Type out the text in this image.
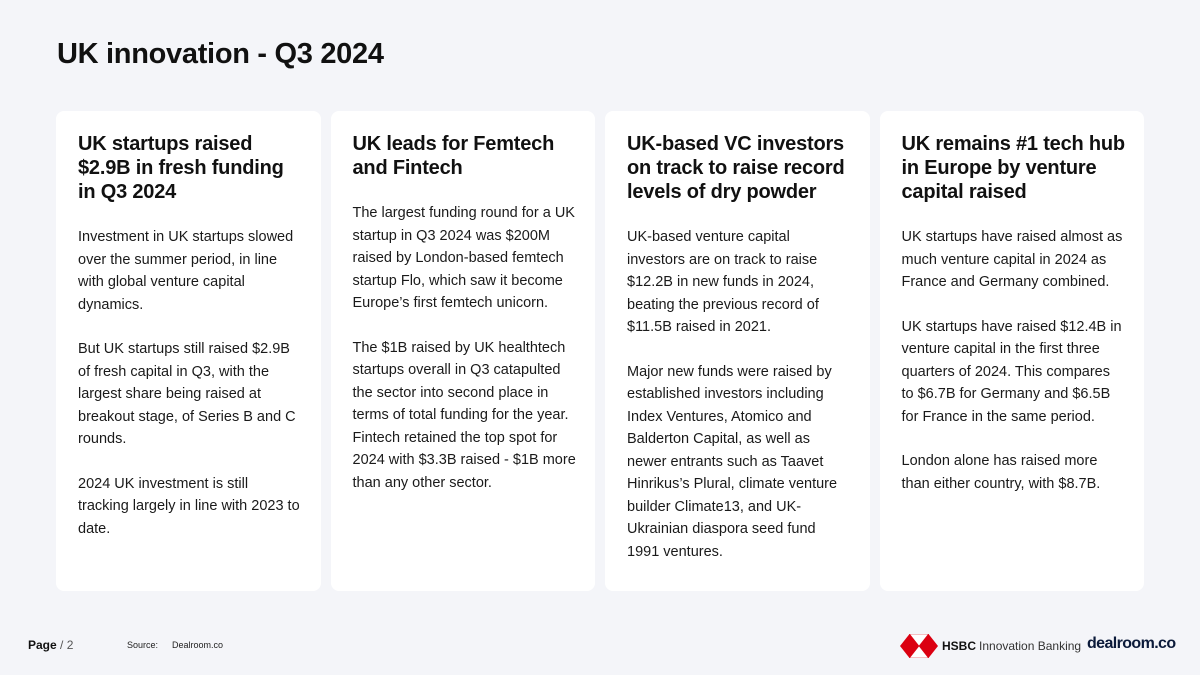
UK innovation - Q3 2024
UK startups raised $2.9B in fresh funding in Q3 2024

Investment in UK startups slowed over the summer period, in line with global venture capital dynamics.

But UK startups still raised $2.9B of fresh capital in Q3, with the largest share being raised at breakout stage, of Series B and C rounds.

2024 UK investment is still tracking largely in line with 2023 to date.

UK leads for Femtech and Fintech

The largest funding round for a UK startup in Q3 2024 was $200M raised by London-based femtech startup Flo, which saw it become Europe’s first femtech unicorn.

The $1B raised by UK healthtech startups overall in Q3 catapulted the sector into second place in terms of total funding for the year. Fintech retained the top spot for 2024 with $3.3B raised - $1B more than any other sector.

UK-based VC investors on track to raise record levels of dry powder

UK-based venture capital investors are on track to raise $12.2B in new funds in 2024, beating the previous record of $11.5B raised in 2021.

Major new funds were raised by established investors including Index Ventures, Atomico and Balderton Capital, as well as newer entrants such as Taavet Hinrikus’s Plural, climate venture builder Climate13, and UK-Ukrainian diaspora seed fund 1991 ventures.

UK remains #1 tech hub in Europe by venture capital raised

UK startups have raised almost as much venture capital in 2024 as France and Germany combined.

UK startups have raised $12.4B in venture capital in the first three quarters of 2024. This compares to $6.7B for Germany and $6.5B for France in the same period.

London alone has raised more than either country, with $8.7B.

Page / 2	Source: Dealroom.co	HSBC Innovation Banking dealroom.co
